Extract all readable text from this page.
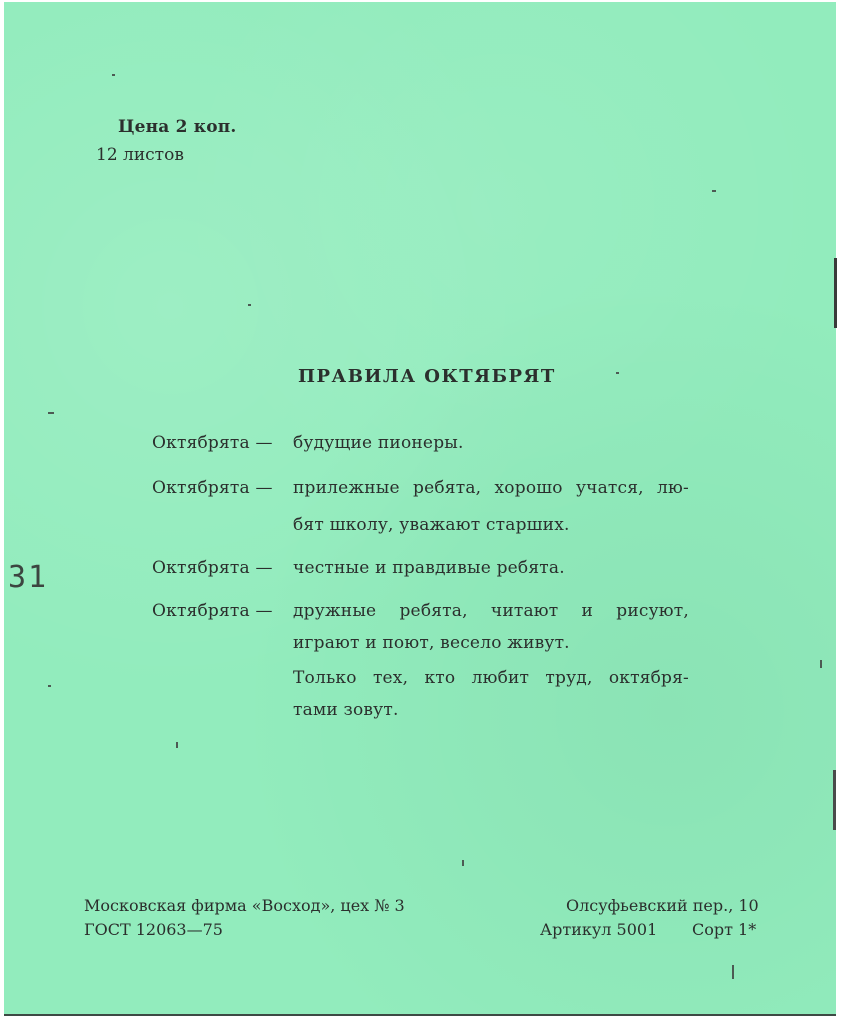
Цена 2 коп.
12 листов
31
ПРАВИЛА ОКТЯБРЯТ
Октябрята — будущие пионеры.
Октябрята — прилежные ребята, хорошо учатся, лю-
бят школу, уважают старших.
Октябрята — честные и правдивые ребята.
Октябрята — дружные ребята, читают и рисуют,
играют и поют, весело живут.
Только тех, кто любит труд, октября-
тами зовут.
Московская фирма «Восход», цех № 3
ГОСТ 12063—75
Олсуфьевский пер., 10
Артикул 5001 Сорт 1*
